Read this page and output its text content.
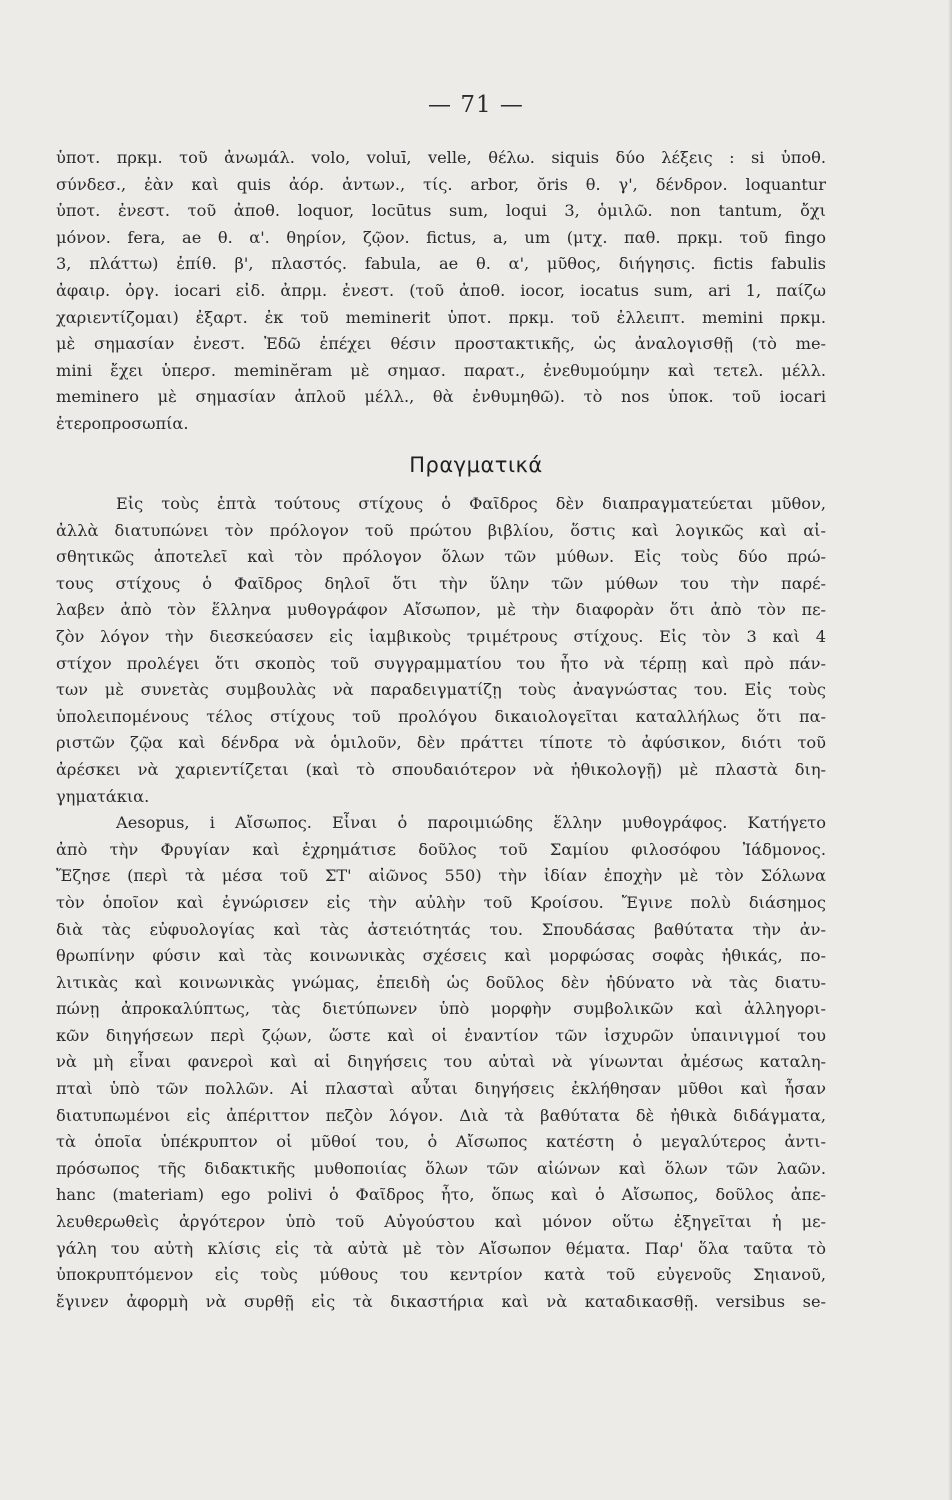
— 71 —
ὑποτ. πρκμ. τοῦ ἀνωμάλ. volo, voluī, velle, θέλω. siquis δύο λέξεις : si ὑποθ.
σύνδεσ., ἐὰν καὶ quis ἀόρ. ἀντων., τίς. arbor, ŏris θ. γ', δένδρον. loquantur
ὑποτ. ἐνεστ. τοῦ ἀποθ. loquor, locūtus sum, loqui 3, ὁμιλῶ. non tantum, ὄχι
μόνον. fera, ae θ. α'. θηρίον, ζῷον. fictus, a, um (μτχ. παθ. πρκμ. τοῦ fingo
3, πλάττω) ἐπίθ. β', πλαστός. fabula, ae θ. α', μῦθος, διήγησις. fictis fabulis
ἀφαιρ. ὀργ. iocari εἰδ. ἀπρμ. ἐνεστ. (τοῦ ἀποθ. iocor, iocatus sum, ari 1, παίζω
χαριεντίζομαι) ἐξαρτ. ἐκ τοῦ meminerit ὑποτ. πρκμ. τοῦ ἐλλειπτ. memini πρκμ.
μὲ σημασίαν ἐνεστ. Ἐδῶ ἐπέχει θέσιν προστακτικῆς, ὡς ἀναλογισθῇ (τὸ me-
mini ἔχει ὑπερσ. meminĕram μὲ σημασ. παρατ., ἐνεθυμούμην καὶ τετελ. μέλλ.
meminero μὲ σημασίαν ἁπλοῦ μέλλ., θὰ ἐνθυμηθῶ). τὸ nos ὑποκ. τοῦ iocari
ἑτεροπροσωπία.
Πραγματικά
Εἰς τοὺς ἑπτὰ τούτους στίχους ὁ Φαῖδρος δὲν διαπραγματεύεται μῦθον,
ἀλλὰ διατυπώνει τὸν πρόλογον τοῦ πρώτου βιβλίου, ὅστις καὶ λογικῶς καὶ αἰ-
σθητικῶς ἀποτελεῖ καὶ τὸν πρόλογον ὅλων τῶν μύθων. Εἰς τοὺς δύο πρώ-
τους στίχους ὁ Φαῖδρος δηλοῖ ὅτι τὴν ὕλην τῶν μύθων του τὴν παρέ-
λαβεν ἀπὸ τὸν ἕλληνα μυθογράφον Αἴσωπον, μὲ τὴν διαφορὰν ὅτι ἀπὸ τὸν πε-
ζὸν λόγον τὴν διεσκεύασεν εἰς ἰαμβικοὺς τριμέτρους στίχους. Εἰς τὸν 3 καὶ 4
στίχον προλέγει ὅτι σκοπὸς τοῦ συγγραμματίου του ἦτο νὰ τέρπῃ καὶ πρὸ πάν-
των μὲ συνετὰς συμβουλὰς νὰ παραδειγματίζῃ τοὺς ἀναγνώστας του. Εἰς τοὺς
ὑπολειπομένους τέλος στίχους τοῦ προλόγου δικαιολογεῖται καταλλήλως ὅτι πα-
ριστῶν ζῷα καὶ δένδρα νὰ ὁμιλοῦν, δὲν πράττει τίποτε τὸ ἀφύσικον, διότι τοῦ
ἀρέσκει νὰ χαριεντίζεται (καὶ τὸ σπουδαιότερον νὰ ἠθικολογῇ) μὲ πλαστὰ διη-
γηματάκια.
Aesopus, i Αἴσωπος. Εἶναι ὁ παροιμιώδης ἕλλην μυθογράφος. Κατήγετο
ἀπὸ τὴν Φρυγίαν καὶ ἐχρημάτισε δοῦλος τοῦ Σαμίου φιλοσόφου Ἰάδμονος.
Ἔζησε (περὶ τὰ μέσα τοῦ ΣΤ' αἰῶνος 550) τὴν ἰδίαν ἐποχὴν μὲ τὸν Σόλωνα
τὸν ὁποῖον καὶ ἐγνώρισεν εἰς τὴν αὐλὴν τοῦ Κροίσου. Ἔγινε πολὺ διάσημος
διὰ τὰς εὐφυολογίας καὶ τὰς ἀστειότητάς του. Σπουδάσας βαθύτατα τὴν ἀν-
θρωπίνην φύσιν καὶ τὰς κοινωνικὰς σχέσεις καὶ μορφώσας σοφὰς ἠθικάς, πο-
λιτικὰς καὶ κοινωνικὰς γνώμας, ἐπειδὴ ὡς δοῦλος δὲν ἠδύνατο νὰ τὰς διατυ-
πώνῃ ἀπροκαλύπτως, τὰς διετύπωνεν ὑπὸ μορφὴν συμβολικῶν καὶ ἀλληγορι-
κῶν διηγήσεων περὶ ζῴων, ὥστε καὶ οἱ ἐναντίον τῶν ἰσχυρῶν ὑπαινιγμοί του
νὰ μὴ εἶναι φανεροὶ καὶ αἱ διηγήσεις του αὐταὶ νὰ γίνωνται ἀμέσως καταλη-
πταὶ ὑπὸ τῶν πολλῶν. Αἱ πλασταὶ αὗται διηγήσεις ἐκλήθησαν μῦθοι καὶ ἦσαν
διατυπωμένοι εἰς ἀπέριττον πεζὸν λόγον. Διὰ τὰ βαθύτατα δὲ ἠθικὰ διδάγματα,
τὰ ὁποῖα ὑπέκρυπτον οἱ μῦθοί του, ὁ Αἴσωπος κατέστη ὁ μεγαλύτερος ἀντι-
πρόσωπος τῆς διδακτικῆς μυθοποιίας ὅλων τῶν αἰώνων καὶ ὅλων τῶν λαῶν.
hanc (materiam) ego polivi ὁ Φαῖδρος ἦτο, ὅπως καὶ ὁ Αἴσωπος, δοῦλος ἀπε-
λευθερωθεὶς ἀργότερον ὑπὸ τοῦ Αὐγούστου καὶ μόνον οὕτω ἐξηγεῖται ἡ με-
γάλη του αὐτὴ κλίσις εἰς τὰ αὐτὰ μὲ τὸν Αἴσωπον θέματα. Παρ' ὅλα ταῦτα τὸ
ὑποκρυπτόμενον εἰς τοὺς μύθους του κεντρίον κατὰ τοῦ εὐγενοῦς Σηιανοῦ,
ἔγινεν ἀφορμὴ νὰ συρθῇ εἰς τὰ δικαστήρια καὶ νὰ καταδικασθῇ. versibus se-
